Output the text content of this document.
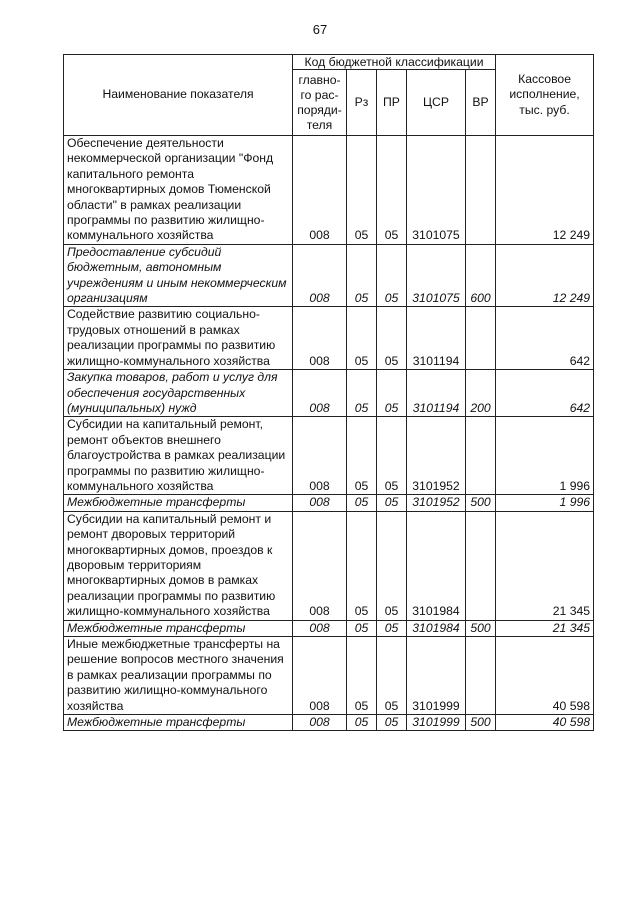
67
Наименование показателя	Код бюджетной классификации					Кассовое исполнение, тыс. руб.
	главно-го рас-поряди-теля	Рз	ПР	ЦСР	ВР	
Обеспечение деятельности некоммерческой организации "Фонд капитального ремонта многоквартирных домов Тюменской области" в рамках реализации программы по развитию жилищно-коммунального хозяйства	008	05	05	3101075		12 249
Предоставление субсидий бюджетным, автономным учреждениям и иным некоммерческим организациям	008	05	05	3101075	600	12 249
Содействие развитию социально-трудовых отношений в рамках реализации программы по развитию жилищно-коммунального хозяйства	008	05	05	3101194		642
Закупка товаров, работ и услуг для обеспечения государственных (муниципальных) нужд	008	05	05	3101194	200	642
Субсидии на капитальный ремонт, ремонт объектов внешнего благоустройства в рамках реализации программы по развитию жилищно-коммунального хозяйства	008	05	05	3101952		1 996
Межбюджетные трансферты	008	05	05	3101952	500	1 996
Субсидии на капитальный ремонт и ремонт дворовых территорий многоквартирных домов, проездов к дворовым территориям многоквартирных домов в рамках реализации программы по развитию жилищно-коммунального хозяйства	008	05	05	3101984		21 345
Межбюджетные трансферты	008	05	05	3101984	500	21 345
Иные межбюджетные трансферты на решение вопросов местного значения в рамках реализации программы по развитию жилищно-коммунального хозяйства	008	05	05	3101999		40 598
Межбюджетные трансферты	008	05	05	3101999	500	40 598
